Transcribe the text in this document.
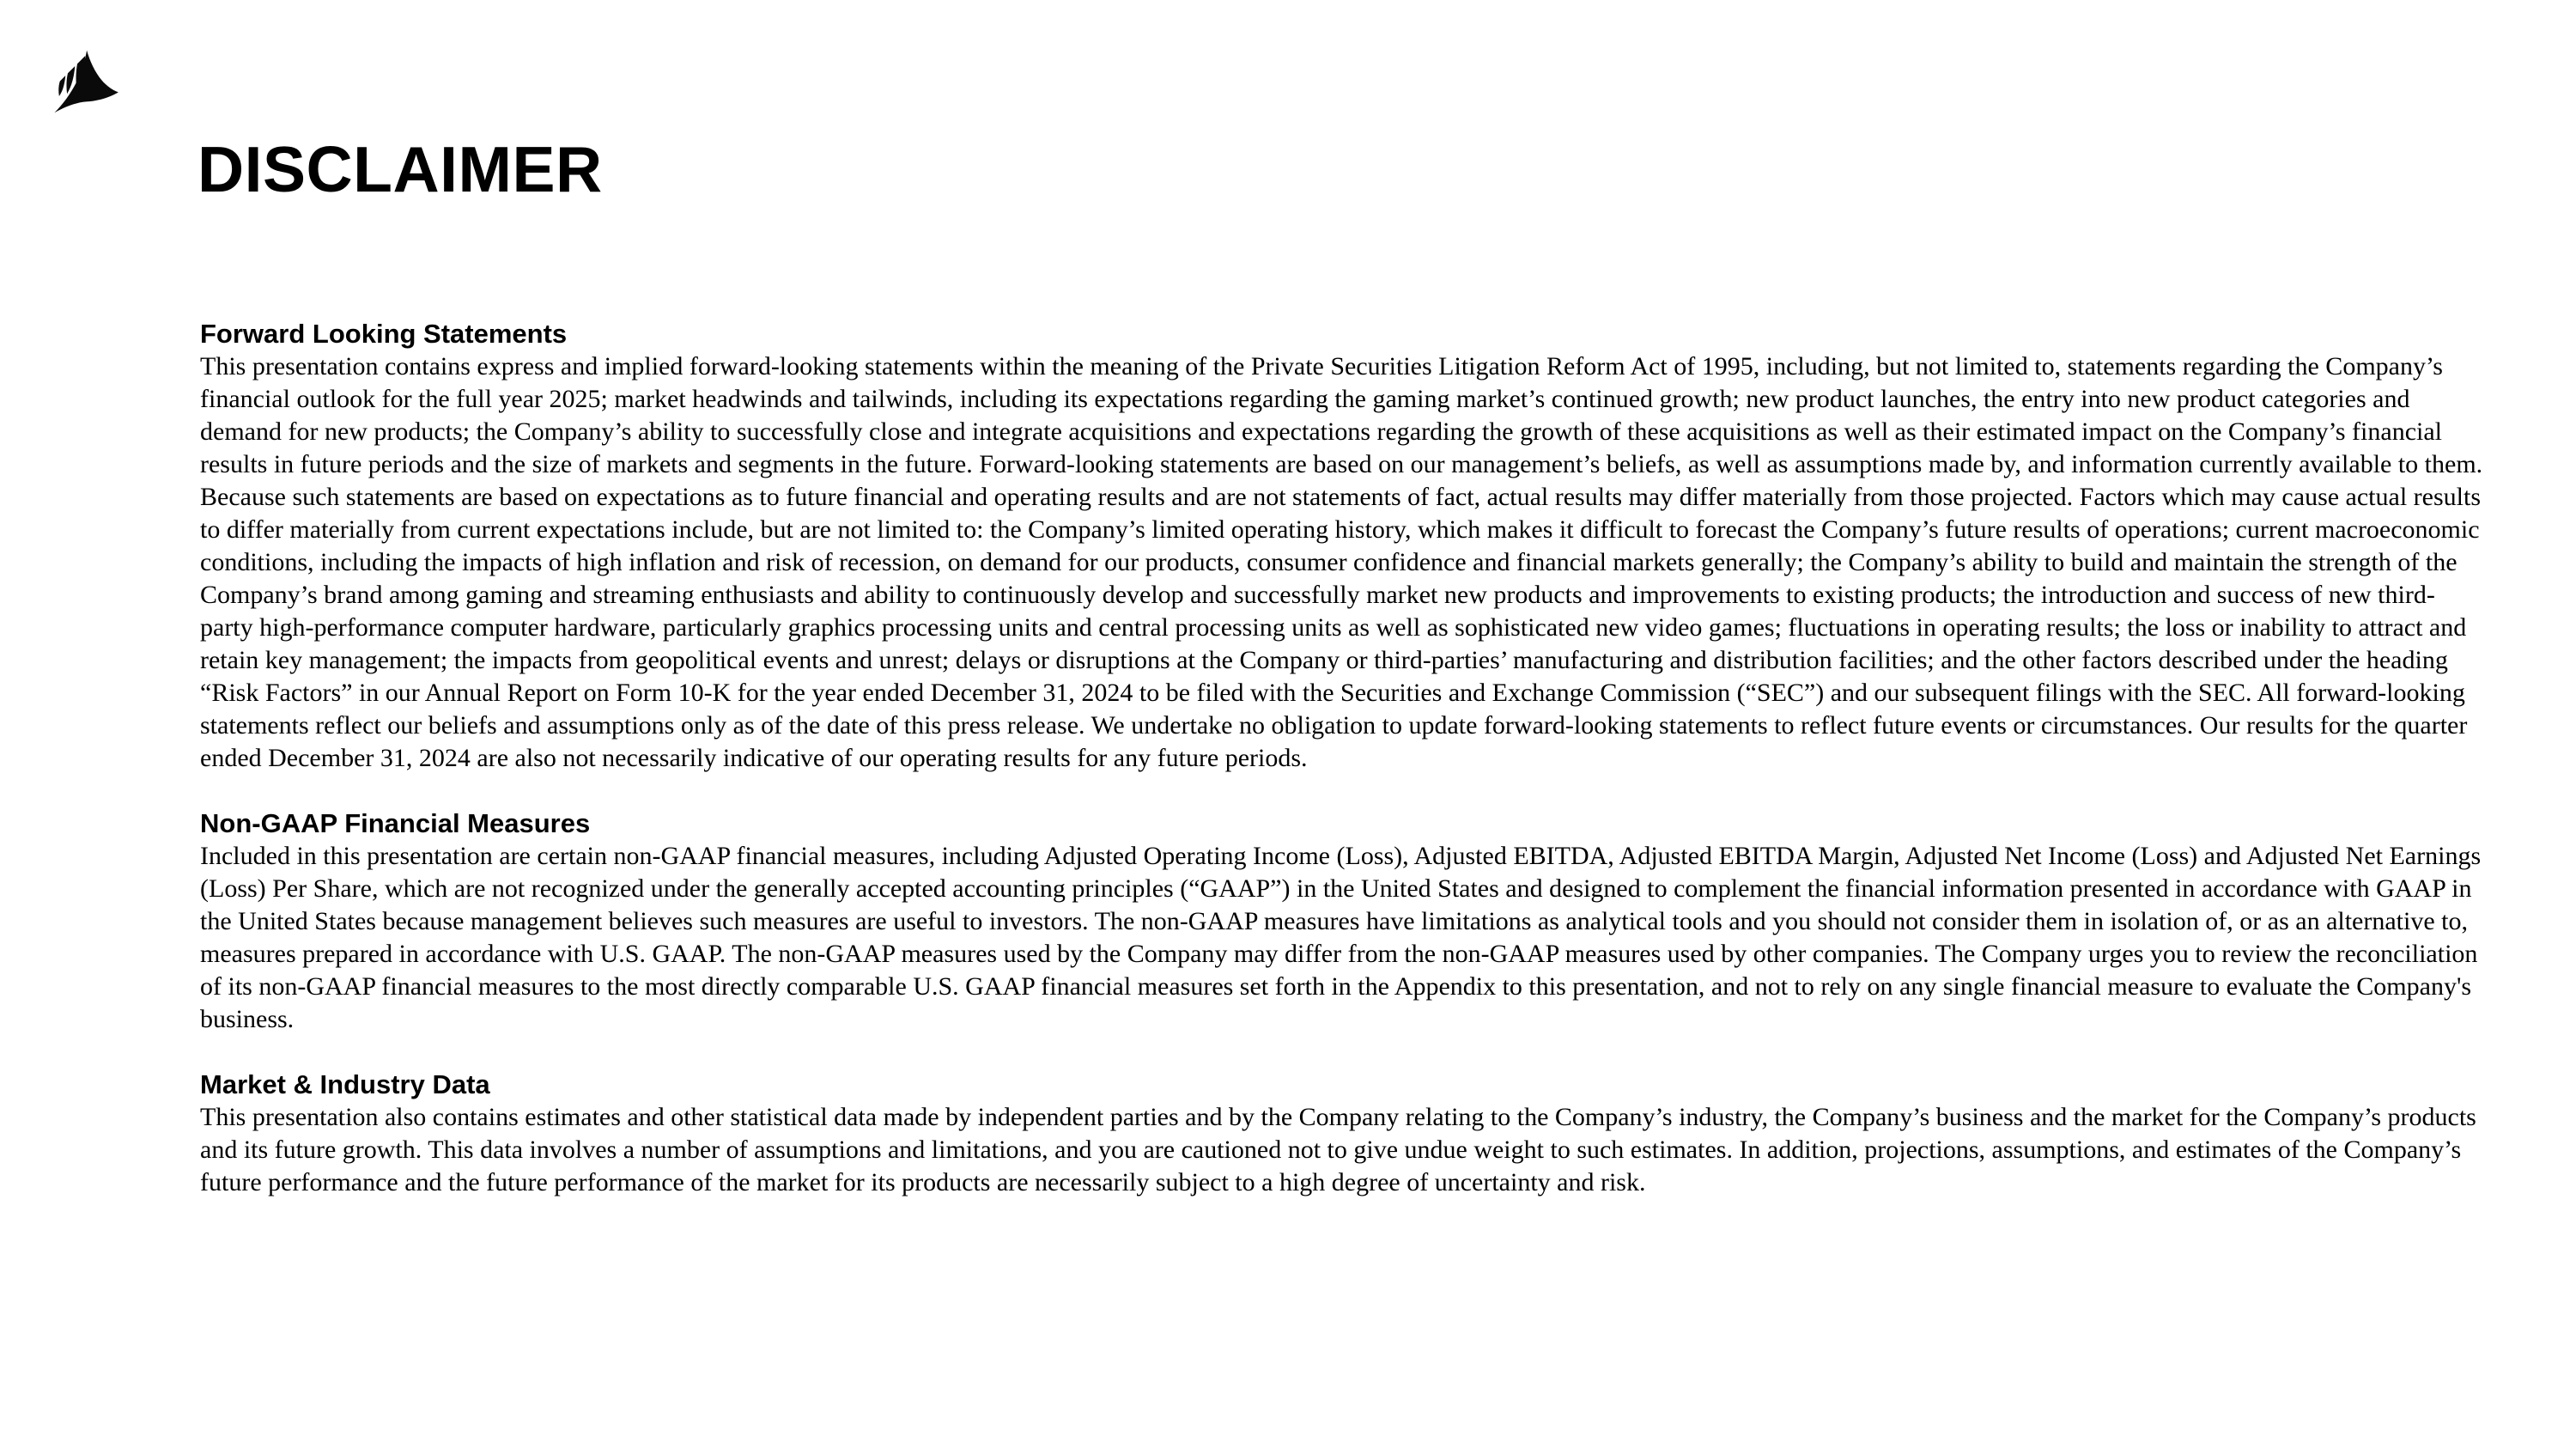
DISCLAIMER
Forward Looking Statements

This presentation contains express and implied forward-looking statements within the meaning of the Private Securities Litigation Reform Act of 1995, including, but not limited to, statements regarding the Company’s financial outlook for the full year 2025; market headwinds and tailwinds, including its expectations regarding the gaming market’s continued growth; new product launches, the entry into new product categories and demand for new products; the Company’s ability to successfully close and integrate acquisitions and expectations regarding the growth of these acquisitions as well as their estimated impact on the Company’s financial results in future periods and the size of markets and segments in the future. Forward-looking statements are based on our management’s beliefs, as well as assumptions made by, and information currently available to them. Because such statements are based on expectations as to future financial and operating results and are not statements of fact, actual results may differ materially from those projected. Factors which may cause actual results to differ materially from current expectations include, but are not limited to: the Company’s limited operating history, which makes it difficult to forecast the Company’s future results of operations; current macroeconomic conditions, including the impacts of high inflation and risk of recession, on demand for our products, consumer confidence and financial markets generally; the Company’s ability to build and maintain the strength of the Company’s brand among gaming and streaming enthusiasts and ability to continuously develop and successfully market new products and improvements to existing products; the introduction and success of new third-party high-performance computer hardware, particularly graphics processing units and central processing units as well as sophisticated new video games; fluctuations in operating results; the loss or inability to attract and retain key management; the impacts from geopolitical events and unrest; delays or disruptions at the Company or third-parties’ manufacturing and distribution facilities; and the other factors described under the heading “Risk Factors” in our Annual Report on Form 10-K for the year ended December 31, 2024 to be filed with the Securities and Exchange Commission (“SEC”) and our subsequent filings with the SEC. All forward-looking statements reflect our beliefs and assumptions only as of the date of this press release. We undertake no obligation to update forward-looking statements to reflect future events or circumstances. Our results for the quarter ended December 31, 2024 are also not necessarily indicative of our operating results for any future periods.

Non-GAAP Financial Measures

Included in this presentation are certain non-GAAP financial measures, including Adjusted Operating Income (Loss), Adjusted EBITDA, Adjusted EBITDA Margin, Adjusted Net Income (Loss) and Adjusted Net Earnings (Loss) Per Share, which are not recognized under the generally accepted accounting principles (“GAAP”) in the United States and designed to complement the financial information presented in accordance with GAAP in the United States because management believes such measures are useful to investors. The non-GAAP measures have limitations as analytical tools and you should not consider them in isolation of, or as an alternative to, measures prepared in accordance with U.S. GAAP. The non-GAAP measures used by the Company may differ from the non-GAAP measures used by other companies. The Company urges you to review the reconciliation of its non-GAAP financial measures to the most directly comparable U.S. GAAP financial measures set forth in the Appendix to this presentation, and not to rely on any single financial measure to evaluate the Company's business.

Market & Industry Data

This presentation also contains estimates and other statistical data made by independent parties and by the Company relating to the Company’s industry, the Company’s business and the market for the Company’s products and its future growth. This data involves a number of assumptions and limitations, and you are cautioned not to give undue weight to such estimates. In addition, projections, assumptions, and estimates of the Company’s future performance and the future performance of the market for its products are necessarily subject to a high degree of uncertainty and risk.
